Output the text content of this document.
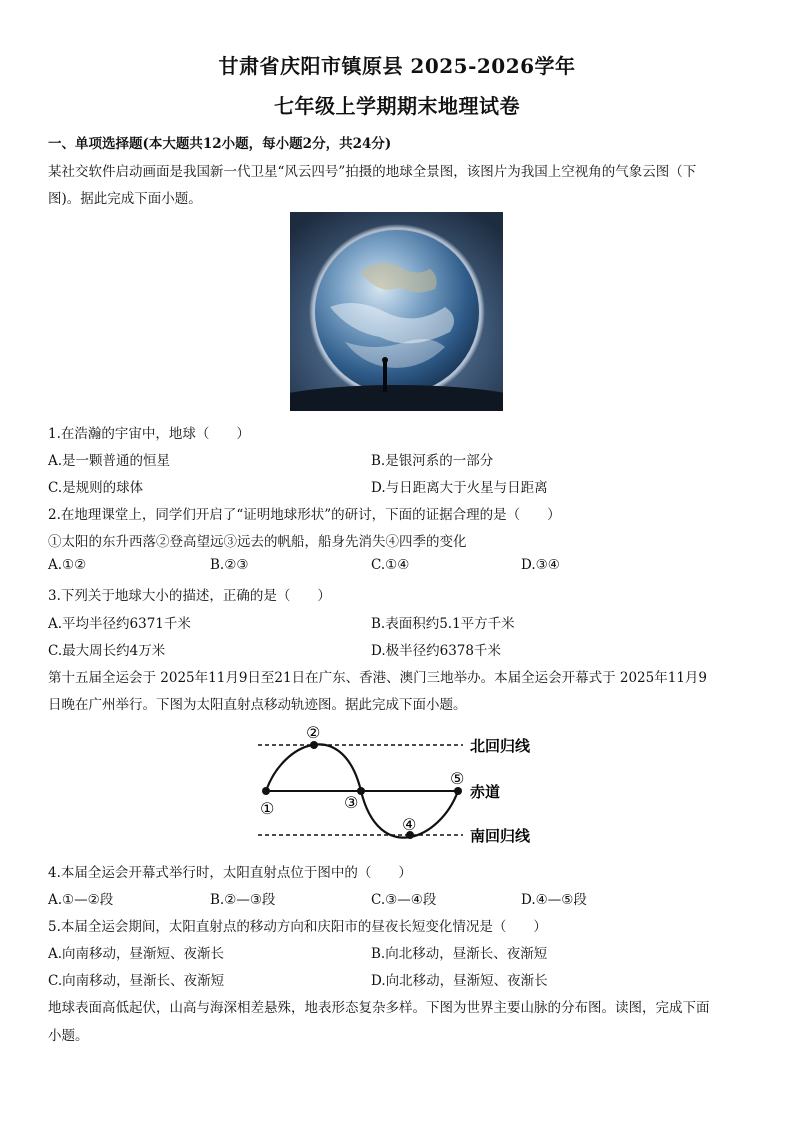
甘肃省庆阳市镇原县 2025-2026学年
七年级上学期期末地理试卷
一、单项选择题(本大题共12小题，每小题2分，共24分)
某社交软件启动画面是我国新一代卫星“风云四号”拍摄的地球全景图，该图片为我国上空视角的气象云图（下
图)。据此完成下面小题。
1.在浩瀚的宇宙中，地球（　　）
A.是一颗普通的恒星	B.是银河系的一部分
C.是规则的球体	D.与日距离大于火星与日距离
2.在地理课堂上，同学们开启了“证明地球形状”的研讨，下面的证据合理的是（　　）
①太阳的东升西落②登高望远③远去的帆船，船身先消失④四季的变化
A.①②	B.②③	C.①④	D.③④
3.下列关于地球大小的描述，正确的是（　　）
A.平均半径约6371千米	B.表面积约5.1平方千米
C.最大周长约4万米	D.极半径约6378千米
第十五届全运会于 2025年11月9日至21日在广东、香港、澳门三地举办。本届全运会开幕式于 2025年11月9
日晚在广州举行。下图为太阳直射点移动轨迹图。据此完成下面小题。
①
②
③
④
⑤
北回归线
赤道
南回归线
4.本届全运会开幕式举行时，太阳直射点位于图中的（　　）
A.①—②段	B.②—③段	C.③—④段	D.④—⑤段
5.本届全运会期间，太阳直射点的移动方向和庆阳市的昼夜长短变化情况是（　　）
A.向南移动，昼渐短、夜渐长	B.向北移动，昼渐长、夜渐短
C.向南移动，昼渐长、夜渐短	D.向北移动，昼渐短、夜渐长
地球表面高低起伏，山高与海深相差悬殊，地表形态复杂多样。下图为世界主要山脉的分布图。读图，完成下面
小题。
